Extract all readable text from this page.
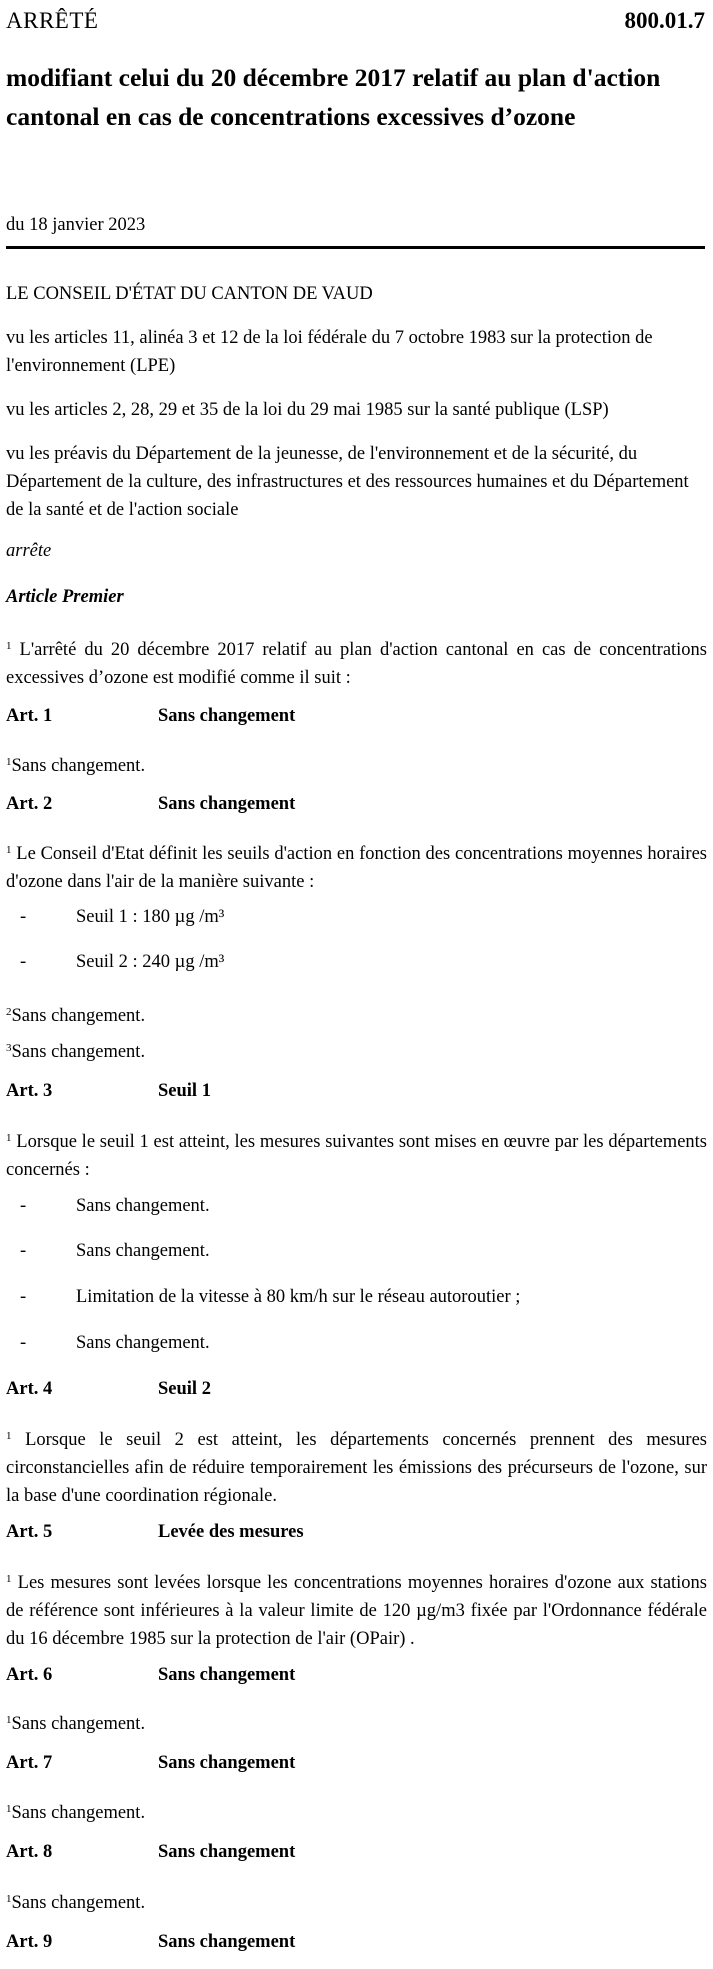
ARRÊTÉ	800.01.7
modifiant celui du 20 décembre 2017 relatif au plan d'action cantonal en cas de concentrations excessives d’ozone
du 18 janvier 2023
LE CONSEIL D'ÉTAT DU CANTON DE VAUD
vu les articles 11, alinéa 3 et 12 de la loi fédérale du 7 octobre 1983 sur la protection de l'environnement (LPE)
vu les articles 2, 28, 29 et 35 de la loi du 29 mai 1985 sur la santé publique (LSP)
vu les préavis du Département de la jeunesse, de l'environnement et de la sécurité, du Département de la culture, des infrastructures et des ressources humaines et du Département de la santé et de l'action sociale
arrête
Article Premier
$^1$ L'arrêté du 20 décembre 2017 relatif au plan d'action cantonal en cas de concentrations excessives d’ozone est modifié comme il suit :
Art. 1	Sans changement
$^1$Sans changement.
Art. 2	Sans changement
$^1$ Le Conseil d'Etat définit les seuils d'action en fonction des concentrations moyennes horaires d'ozone dans l'air de la manière suivante :
-	Seuil 1 : 180 µg /m³
-	Seuil 2 : 240 µg /m³
$^2$Sans changement.
$^3$Sans changement.
Art. 3	Seuil 1
$^1$ Lorsque le seuil 1 est atteint, les mesures suivantes sont mises en œuvre par les départements concernés :
-	Sans changement.
-	Sans changement.
-	Limitation de la vitesse à 80 km/h sur le réseau autoroutier ;
-	Sans changement.
Art. 4	Seuil 2
$^1$ Lorsque le seuil 2 est atteint, les départements concernés prennent des mesures circonstancielles afin de réduire temporairement les émissions des précurseurs de l'ozone, sur la base d'une coordination régionale.
Art. 5	Levée des mesures
$^1$ Les mesures sont levées lorsque les concentrations moyennes horaires d'ozone aux stations de référence sont inférieures à la valeur limite de 120 µg/m3 fixée par l'Ordonnance fédérale du 16 décembre 1985 sur la protection de l'air (OPair) .
Art. 6	Sans changement
$^1$Sans changement.
Art. 7	Sans changement
$^1$Sans changement.
Art. 8	Sans changement
$^1$Sans changement.
Art. 9	Sans changement
